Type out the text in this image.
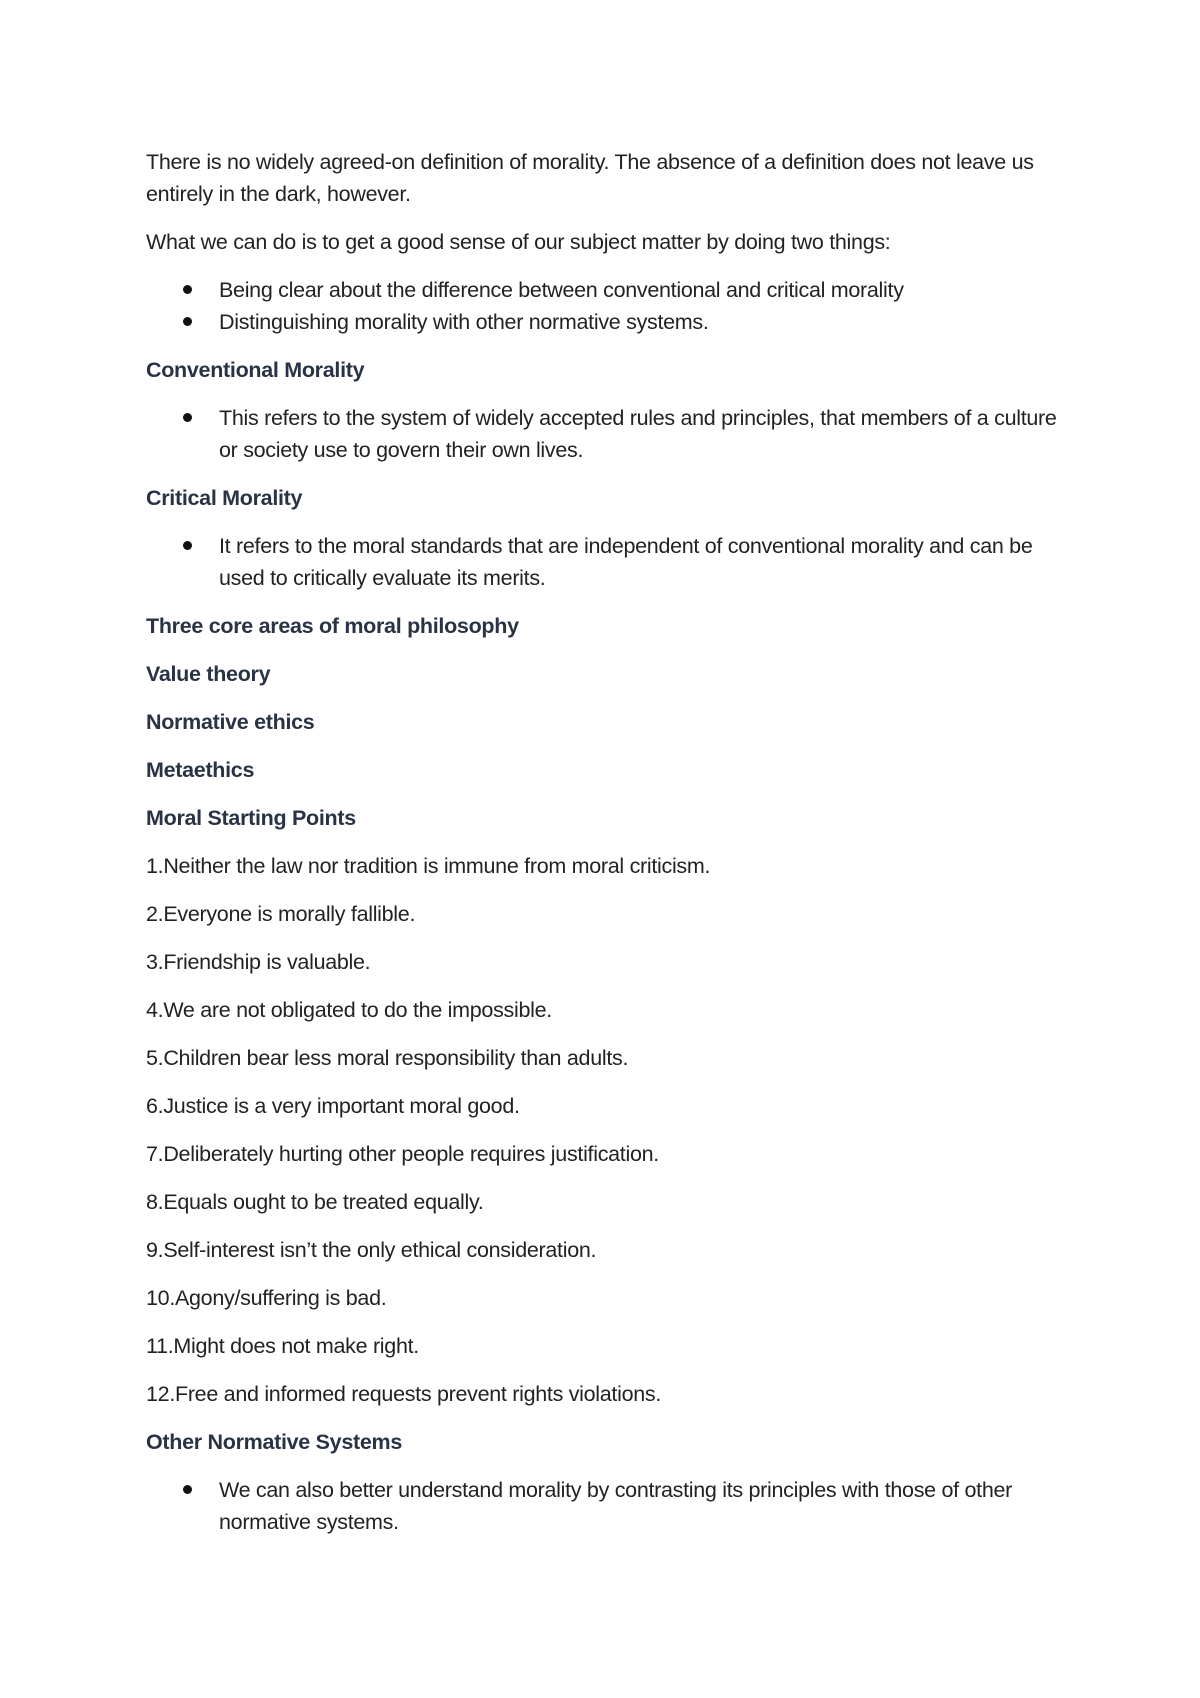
There is no widely agreed-on definition of morality. The absence of a definition does not leave us entirely in the dark, however.

What we can do is to get a good sense of our subject matter by doing two things:

Being clear about the difference between conventional and critical morality
Distinguishing morality with other normative systems.

Conventional Morality

This refers to the system of widely accepted rules and principles, that members of a culture or society use to govern their own lives.

Critical Morality

It refers to the moral standards that are independent of conventional morality and can be used to critically evaluate its merits.

Three core areas of moral philosophy

Value theory

Normative ethics

Metaethics

Moral Starting Points

1.Neither the law nor tradition is immune from moral criticism.

2.Everyone is morally fallible.

3.Friendship is valuable.

4.We are not obligated to do the impossible.

5.Children bear less moral responsibility than adults.

6.Justice is a very important moral good.

7.Deliberately hurting other people requires justification.

8.Equals ought to be treated equally.

9.Self-interest isn’t the only ethical consideration.

10.Agony/suffering is bad.

11.Might does not make right.

12.Free and informed requests prevent rights violations.

Other Normative Systems

We can also better understand morality by contrasting its principles with those of other normative systems.
